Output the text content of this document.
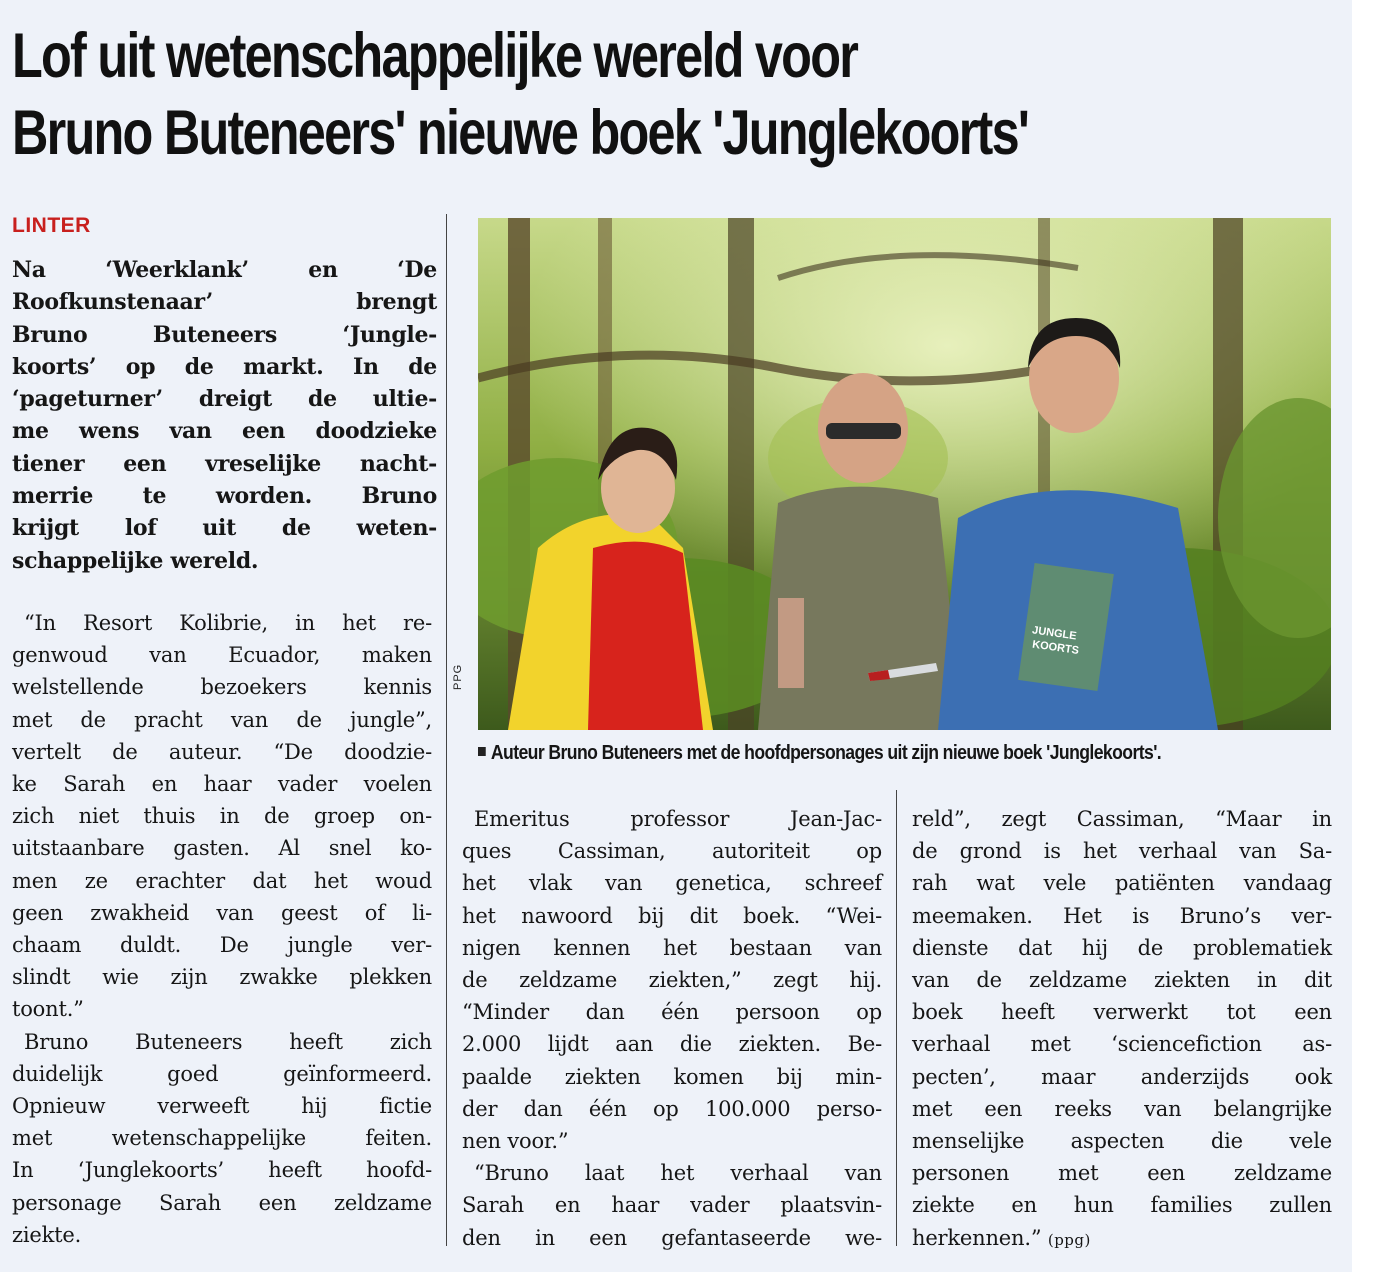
Lof uit wetenschappelijke wereld voor
Bruno Buteneers' nieuwe boek 'Junglekoorts'
LINTER
Na ‘Weerklank’ en ‘De
Roofkunstenaar’ brengt
Bruno Buteneers ‘Jungle-
koorts’ op de markt. In de
‘pageturner’ dreigt de ultie-
me wens van een doodzieke
tiener een vreselijke nacht-
merrie te worden. Bruno
krijgt lof uit de weten-
schappelijke wereld.
“In Resort Kolibrie, in het re-
genwoud van Ecuador, maken
welstellende bezoekers kennis
met de pracht van de jungle”,
vertelt de auteur. “De doodzie-
ke Sarah en haar vader voelen
zich niet thuis in de groep on-
uitstaanbare gasten. Al snel ko-
men ze erachter dat het woud
geen zwakheid van geest of li-
chaam duldt. De jungle ver-
slindt wie zijn zwakke plekken
toont.”
Bruno Buteneers heeft zich
duidelijk goed geïnformeerd.
Opnieuw verweeft hij fictie
met wetenschappelijke feiten.
In ‘Junglekoorts’ heeft hoofd-
personage Sarah een zeldzame
ziekte.
JUNGLE
KOORTS
PPG
Auteur Bruno Buteneers met de hoofdpersonages uit zijn nieuwe boek 'Junglekoorts'.
Emeritus professor Jean-Jac-
ques Cassiman, autoriteit op
het vlak van genetica, schreef
het nawoord bij dit boek. “Wei-
nigen kennen het bestaan van
de zeldzame ziekten,” zegt hij.
“Minder dan één persoon op
2.000 lijdt aan die ziekten. Be-
paalde ziekten komen bij min-
der dan één op 100.000 perso-
nen voor.”
“Bruno laat het verhaal van
Sarah en haar vader plaatsvin-
den in een gefantaseerde we-
reld”, zegt Cassiman, “Maar in
de grond is het verhaal van Sa-
rah wat vele patiënten vandaag
meemaken. Het is Bruno’s ver-
dienste dat hij de problematiek
van de zeldzame ziekten in dit
boek heeft verwerkt tot een
verhaal met ‘sciencefiction as-
pecten’, maar anderzijds ook
met een reeks van belangrijke
menselijke aspecten die vele
personen met een zeldzame
ziekte en hun families zullen
herkennen.” (ppg)
